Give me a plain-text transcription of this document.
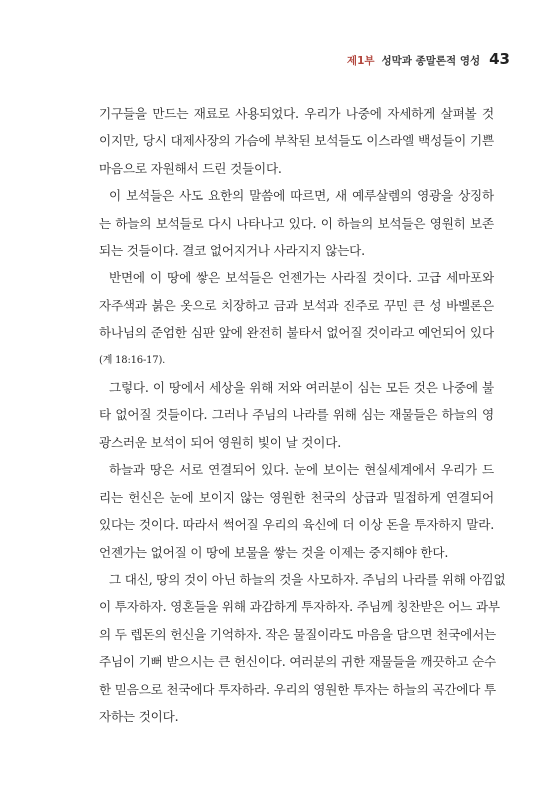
제1부 성막과 종말론적 영성 43

기구들을 만드는 재료로 사용되었다. 우리가 나중에 자세하게 살펴볼 것
이지만, 당시 대제사장의 가슴에 부착된 보석들도 이스라엘 백성들이 기쁜
마음으로 자원해서 드린 것들이다.

이 보석들은 사도 요한의 말씀에 따르면, 새 예루살렘의 영광을 상징하
는 하늘의 보석들로 다시 나타나고 있다. 이 하늘의 보석들은 영원히 보존
되는 것들이다. 결코 없어지거나 사라지지 않는다.

반면에 이 땅에 쌓은 보석들은 언젠가는 사라질 것이다. 고급 세마포와
자주색과 붉은 옷으로 치장하고 금과 보석과 진주로 꾸민 큰 성 바벨론은
하나님의 준엄한 심판 앞에 완전히 불타서 없어질 것이라고 예언되어 있다
(계 18:16-17).

그렇다. 이 땅에서 세상을 위해 저와 여러분이 심는 모든 것은 나중에 불
타 없어질 것들이다. 그러나 주님의 나라를 위해 심는 재물들은 하늘의 영
광스러운 보석이 되어 영원히 빛이 날 것이다.

하늘과 땅은 서로 연결되어 있다. 눈에 보이는 현실세계에서 우리가 드
리는 헌신은 눈에 보이지 않는 영원한 천국의 상급과 밀접하게 연결되어
있다는 것이다. 따라서 썩어질 우리의 육신에 더 이상 돈을 투자하지 말라.
언젠가는 없어질 이 땅에 보물을 쌓는 것을 이제는 중지해야 한다.

그 대신, 땅의 것이 아닌 하늘의 것을 사모하자. 주님의 나라를 위해 아낌없
이 투자하자. 영혼들을 위해 과감하게 투자하자. 주님께 칭찬받은 어느 과부
의 두 렙돈의 헌신을 기억하자. 작은 물질이라도 마음을 담으면 천국에서는
주님이 기뻐 받으시는 큰 헌신이다. 여러분의 귀한 재물들을 깨끗하고 순수
한 믿음으로 천국에다 투자하라. 우리의 영원한 투자는 하늘의 곡간에다 투
자하는 것이다.
